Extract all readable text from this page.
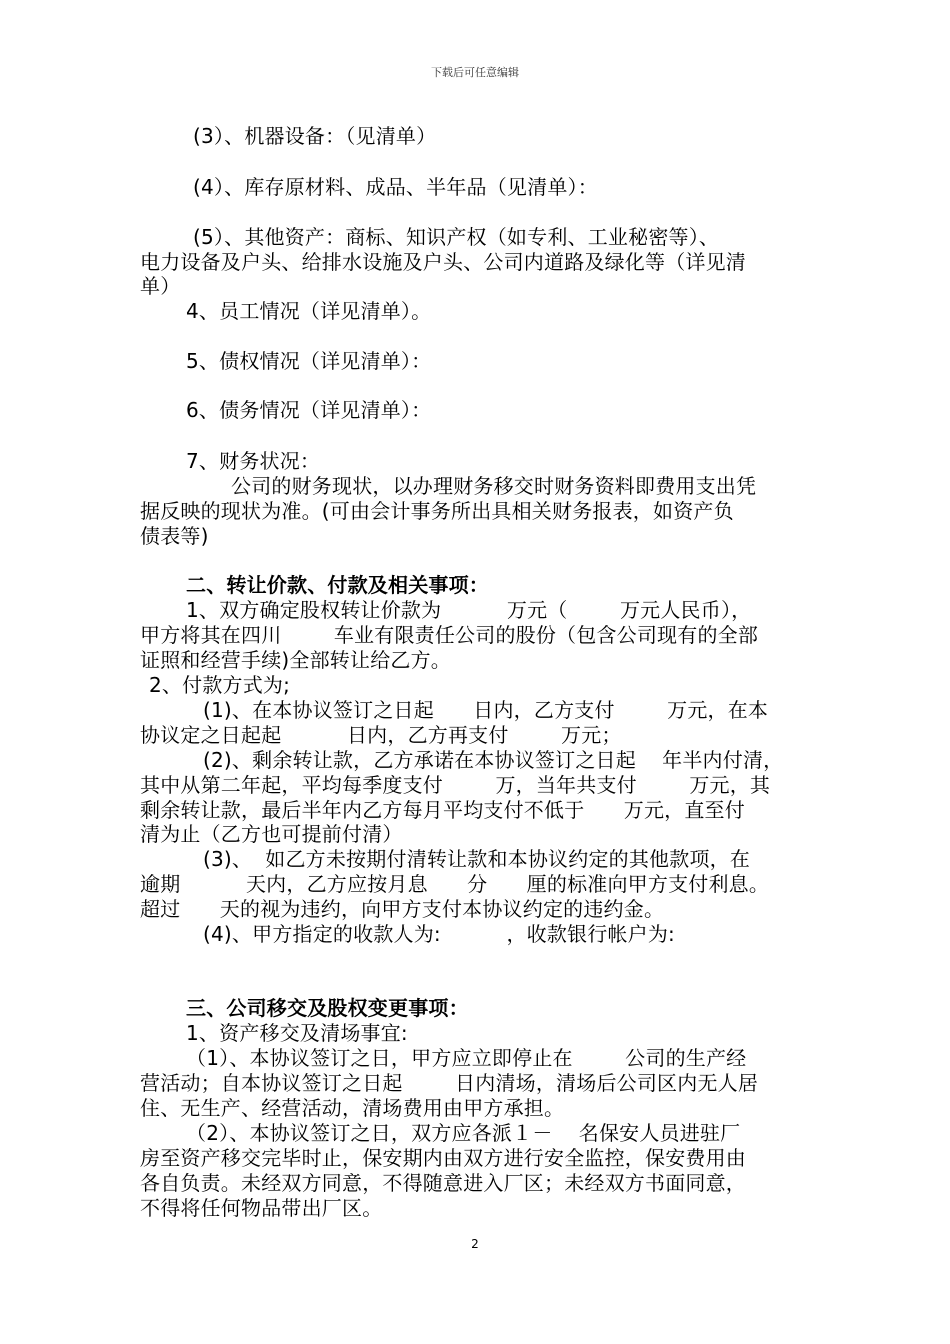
下载后可任意编辑
(3）、机器设备：（见清单）
(4）、库存原材料、成品、半年品（见清单）：
(5）、其他资产：商标、知识产权（如专利、工业秘密等）、
电力设备及户头、给排水设施及户头、公司内道路及绿化等（详见清
单）
4、员工情况（详见清单）。
5、债权情况（详见清单）：
6、债务情况（详见清单）：
7、财务状况：
公司的财务现状，以办理财务移交时财务资料即费用支出凭
据反映的现状为准。(可由会计事务所出具相关财务报表，如资产负
债表等)
二、转让价款、付款及相关事项：
1、双方确定股权转让价款为          万元（        万元人民币），
甲方将其在四川        车业有限责任公司的股份（包含公司现有的全部
证照和经营手续)全部转让给乙方。
2、付款方式为;
(1)、在本协议签订之日起      日内，乙方支付        万元，在本
协议定之日起起          日内，乙方再支付        万元；
(2)、剩余转让款，乙方承诺在本协议签订之日起    年半内付清，
其中从第二年起，平均每季度支付        万，当年共支付        万元，其
剩余转让款，最后半年内乙方每月平均支付不低于      万元，直至付
清为止（乙方也可提前付清）
(3)、  如乙方未按期付清转让款和本协议约定的其他款项，在
逾期          天内，乙方应按月息      分      厘的标准向甲方支付利息。
超过      天的视为违约，向甲方支付本协议约定的违约金。
(4)、甲方指定的收款人为:          ，收款银行帐户为:
三、公司移交及股权变更事项：
1、资产移交及清场事宜:
（1）、本协议签订之日，甲方应立即停止在        公司的生产经
营活动；自本协议签订之日起        日内清场，清场后公司区内无人居
住、无生产、经营活动，清场费用由甲方承担。
（2）、本协议签订之日，双方应各派１－    名保安人员进驻厂
房至资产移交完毕时止，保安期内由双方进行安全监控，保安费用由
各自负责。未经双方同意，不得随意进入厂区；未经双方书面同意，
不得将任何物品带出厂区。
2
